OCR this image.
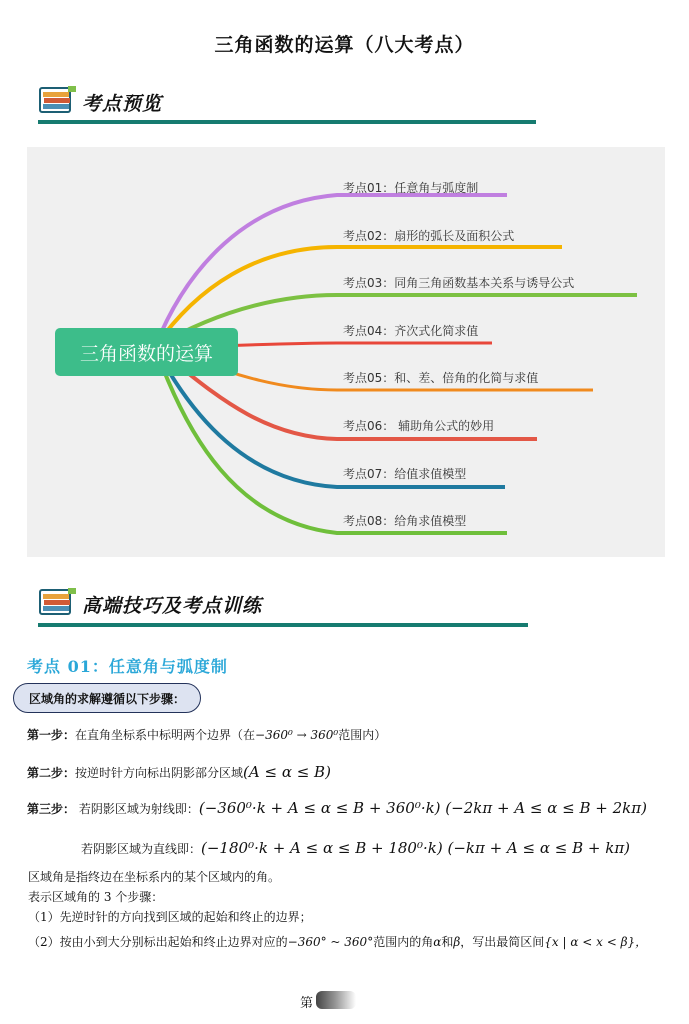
三角函数的运算（八大考点）
考点预览
三角函数的运算
考点01：任意角与弧度制
考点02：扇形的弧长及面积公式
考点03：同角三角函数基本关系与诱导公式
考点04：齐次式化简求值
考点05：和、差、倍角的化简与求值
考点06： 辅助角公式的妙用
考点07：给值求值模型
考点08：给角求值模型
高端技巧及考点训练
考点 01：任意角与弧度制
区域角的求解遵循以下步骤：
第一步：在直角坐标系中标明两个边界（在−360⁰ → 360⁰范围内）
第二步：按逆时针方向标出阴影部分区域(A ≤ α ≤ B)
第三步： 若阴影区域为射线即：(−360⁰·k + A ≤ α ≤ B + 360⁰·k) (−2kπ + A ≤ α ≤ B + 2kπ)
若阴影区域为直线即：(−180⁰·k + A ≤ α ≤ B + 180⁰·k) (−kπ + A ≤ α ≤ B + kπ)
区域角是指终边在坐标系内的某个区域内的角。
表示区域角的 3 个步骤：
（1）先逆时针的方向找到区域的起始和终止的边界；
（2）按由小到大分别标出起始和终止边界对应的−360° ~ 360°范围内的角α和β，写出最简区间{x | α < x < β}，
第
